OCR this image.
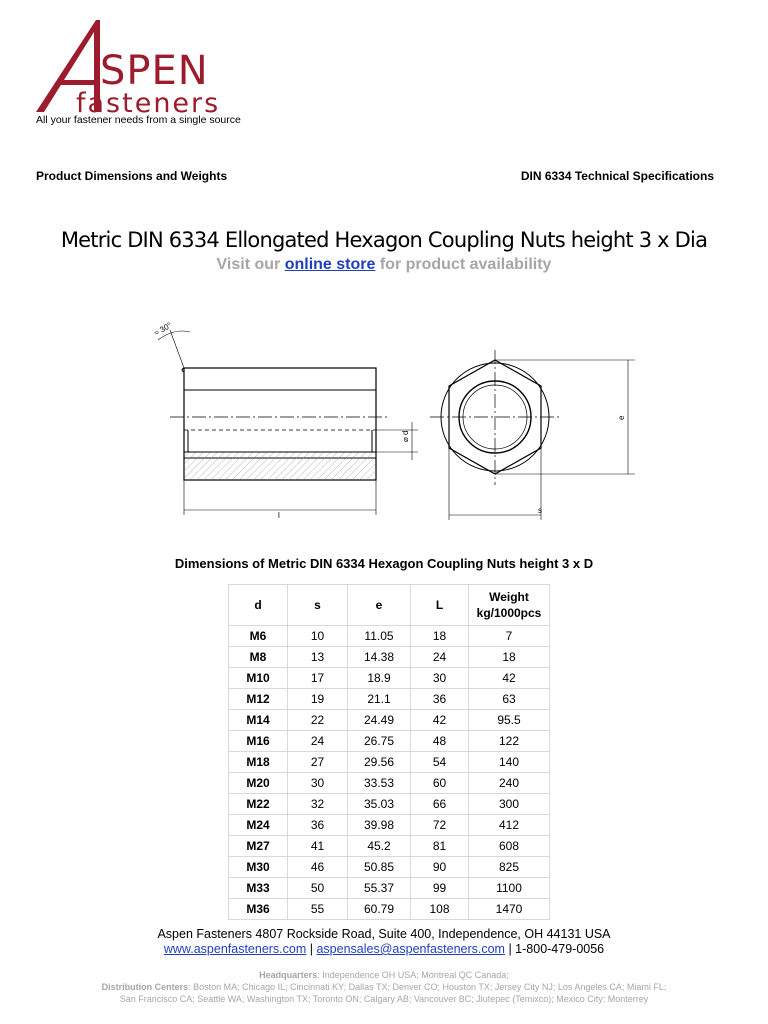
SPEN
fasteners
All your fastener needs from a single source
Product Dimensions and Weights	DIN 6334 Technical Specifications
Metric DIN 6334 Ellongated Hexagon Coupling Nuts height 3 x Dia
Visit our online store for product availability
≈ 30°
⌀ d
l
e
s
Dimensions of Metric DIN 6334 Hexagon Coupling Nuts height 3 x D
d	s	e	L	Weight
kg/1000pcs
M6	10	11.05	18	7
M8	13	14.38	24	18
M10	17	18.9	30	42
M12	19	21.1	36	63
M14	22	24.49	42	95.5
M16	24	26.75	48	122
M18	27	29.56	54	140
M20	30	33.53	60	240
M22	32	35.03	66	300
M24	36	39.98	72	412
M27	41	45.2	81	608
M30	46	50.85	90	825
M33	50	55.37	99	1100
M36	55	60.79	108	1470
Aspen Fasteners 4807 Rockside Road, Suite 400, Independence, OH 44131 USA
www.aspenfasteners.com | aspensales@aspenfasteners.com | 1-800-479-0056
Headquarters: Independence OH USA; Montreal QC Canada;
Distribution Centers: Boston MA; Chicago IL; Cincinnati KY; Dallas TX; Denver CO; Houston TX; Jersey City NJ; Los Angeles CA; Miami FL;
San Francisco CA; Seattle WA; Washington TX; Toronto ON; Calgary AB; Vancouver BC; Jiutepec (Temixco); Mexico City; Monterrey
